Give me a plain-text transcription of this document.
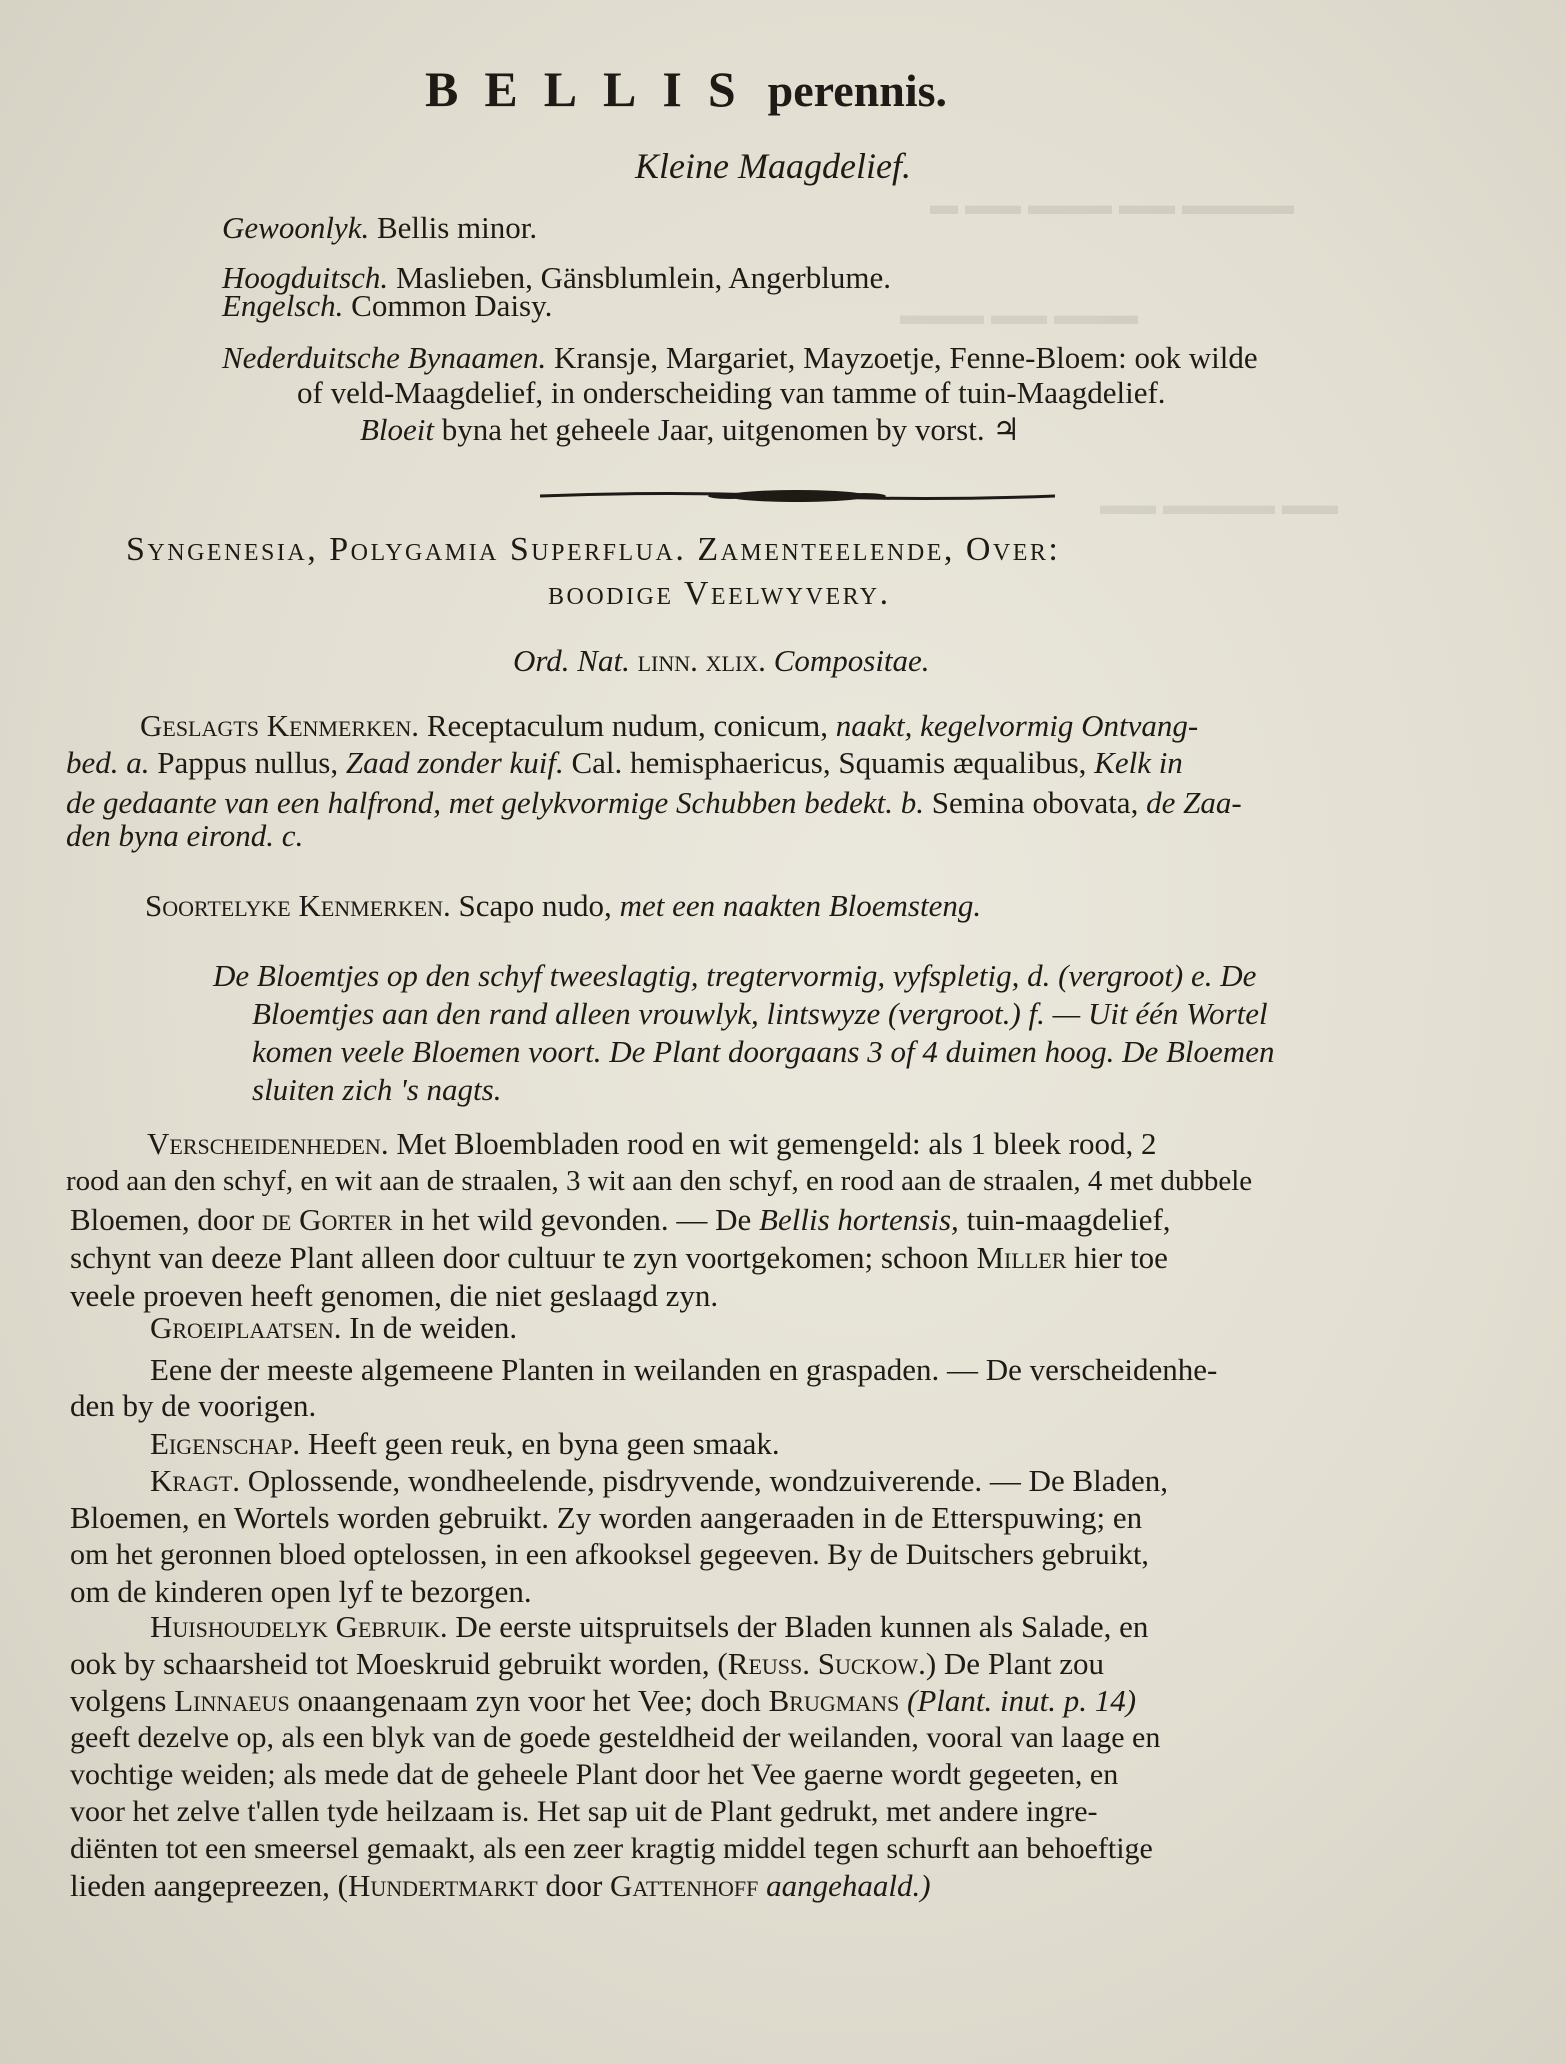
▬ ▬▬ ▬▬▬ ▬▬ ▬▬▬▬
▬▬▬ ▬▬ ▬▬▬
▬▬ ▬▬▬▬ ▬▬
BELLIS perennis.
Kleine Maagdelief.
Gewoonlyk. Bellis minor.
Hoogduitsch. Maslieben, Gänsblumlein, Angerblume.
Engelsch. Common Daisy.
Nederduitsche Bynaamen. Kransje, Margariet, Mayzoetje, Fenne-Bloem: ook wilde
of veld-Maagdelief, in onderscheiding van tamme of tuin-Maagdelief.
Bloeit byna het geheele Jaar, uitgenomen by vorst. ♃
Syngenesia, Polygamia Superflua. Zamenteelende, Over:
boodige Veelwyvery.
Ord. Nat. linn. xlix. Compositae.
Geslagts Kenmerken. Receptaculum nudum, conicum, naakt, kegelvormig Ontvang-
bed. a. Pappus nullus, Zaad zonder kuif. Cal. hemisphaericus, Squamis æqualibus, Kelk in
de gedaante van een halfrond, met gelykvormige Schubben bedekt. b. Semina obovata, de Zaa-
den byna eirond. c.
Soortelyke Kenmerken. Scapo nudo, met een naakten Bloemsteng.
De Bloemtjes op den schyf tweeslagtig, tregtervormig, vyfspletig, d. (vergroot) e. De
Bloemtjes aan den rand alleen vrouwlyk, lintswyze (vergroot.) f. — Uit één Wortel
komen veele Bloemen voort. De Plant doorgaans 3 of 4 duimen hoog. De Bloemen
sluiten zich 's nagts.
Verscheidenheden. Met Bloembladen rood en wit gemengeld: als 1 bleek rood, 2
rood aan den schyf, en wit aan de straalen, 3 wit aan den schyf, en rood aan de straalen, 4 met dubbele
Bloemen, door de Gorter in het wild gevonden. — De Bellis hortensis, tuin-maagdelief,
schynt van deeze Plant alleen door cultuur te zyn voortgekomen; schoon Miller hier toe
veele proeven heeft genomen, die niet geslaagd zyn.
Groeiplaatsen. In de weiden.
Eene der meeste algemeene Planten in weilanden en graspaden. — De verscheidenhe-
den by de voorigen.
Eigenschap. Heeft geen reuk, en byna geen smaak.
Kragt. Oplossende, wondheelende, pisdryvende, wondzuiverende. — De Bladen,
Bloemen, en Wortels worden gebruikt. Zy worden aangeraaden in de Etterspuwing; en
om het geronnen bloed optelossen, in een afkooksel gegeeven. By de Duitschers gebruikt,
om de kinderen open lyf te bezorgen.
Huishoudelyk Gebruik. De eerste uitspruitsels der Bladen kunnen als Salade, en
ook by schaarsheid tot Moeskruid gebruikt worden, (Reuss. Suckow.) De Plant zou
volgens Linnaeus onaangenaam zyn voor het Vee; doch Brugmans (Plant. inut. p. 14)
geeft dezelve op, als een blyk van de goede gesteldheid der weilanden, vooral van laage en
vochtige weiden; als mede dat de geheele Plant door het Vee gaerne wordt gegeeten, en
voor het zelve t'allen tyde heilzaam is. Het sap uit de Plant gedrukt, met andere ingre-
diënten tot een smeersel gemaakt, als een zeer kragtig middel tegen schurft aan behoeftige
lieden aangepreezen, (Hundertmarkt door Gattenhoff aangehaald.)
